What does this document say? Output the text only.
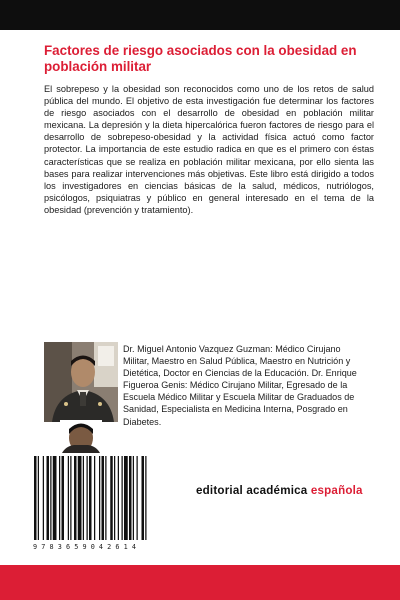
Factores de riesgo asociados con la obesidad en población militar

El sobrepeso y la obesidad son reconocidos como uno de los retos de salud pública del mundo. El objetivo de esta investigación fue determinar los factores de riesgo asociados con el desarrollo de obesidad en población militar mexicana. La depresión y la dieta hipercalórica fueron factores de riesgo para el desarrollo de sobrepeso-obesidad y la actividad física actuó como factor protector. La importancia de este estudio radica en que es el primero con éstas características que se realiza en población militar mexicana, por ello sienta las bases para realizar intervenciones más objetivas. Este libro está dirigido a todos los investigadores en ciencias básicas de la salud, médicos, nutriólogos, psicólogos, psiquiatras y público en general interesado en el tema de la obesidad (prevención y tratamiento).

Dr. Miguel Antonio Vazquez Guzman: Médico Cirujano Militar, Maestro en Salud Pública, Maestro en Nutrición y Dietética, Doctor en Ciencias de la Educación. Dr. Enrique Figueroa Genis: Médico Cirujano Militar, Egresado de la Escuela Médico Militar y Escuela Militar de Graduados de Sanidad, Especialista en Medicina Interna, Posgrado en Diabetes.

9783659042614

editorial académica española
